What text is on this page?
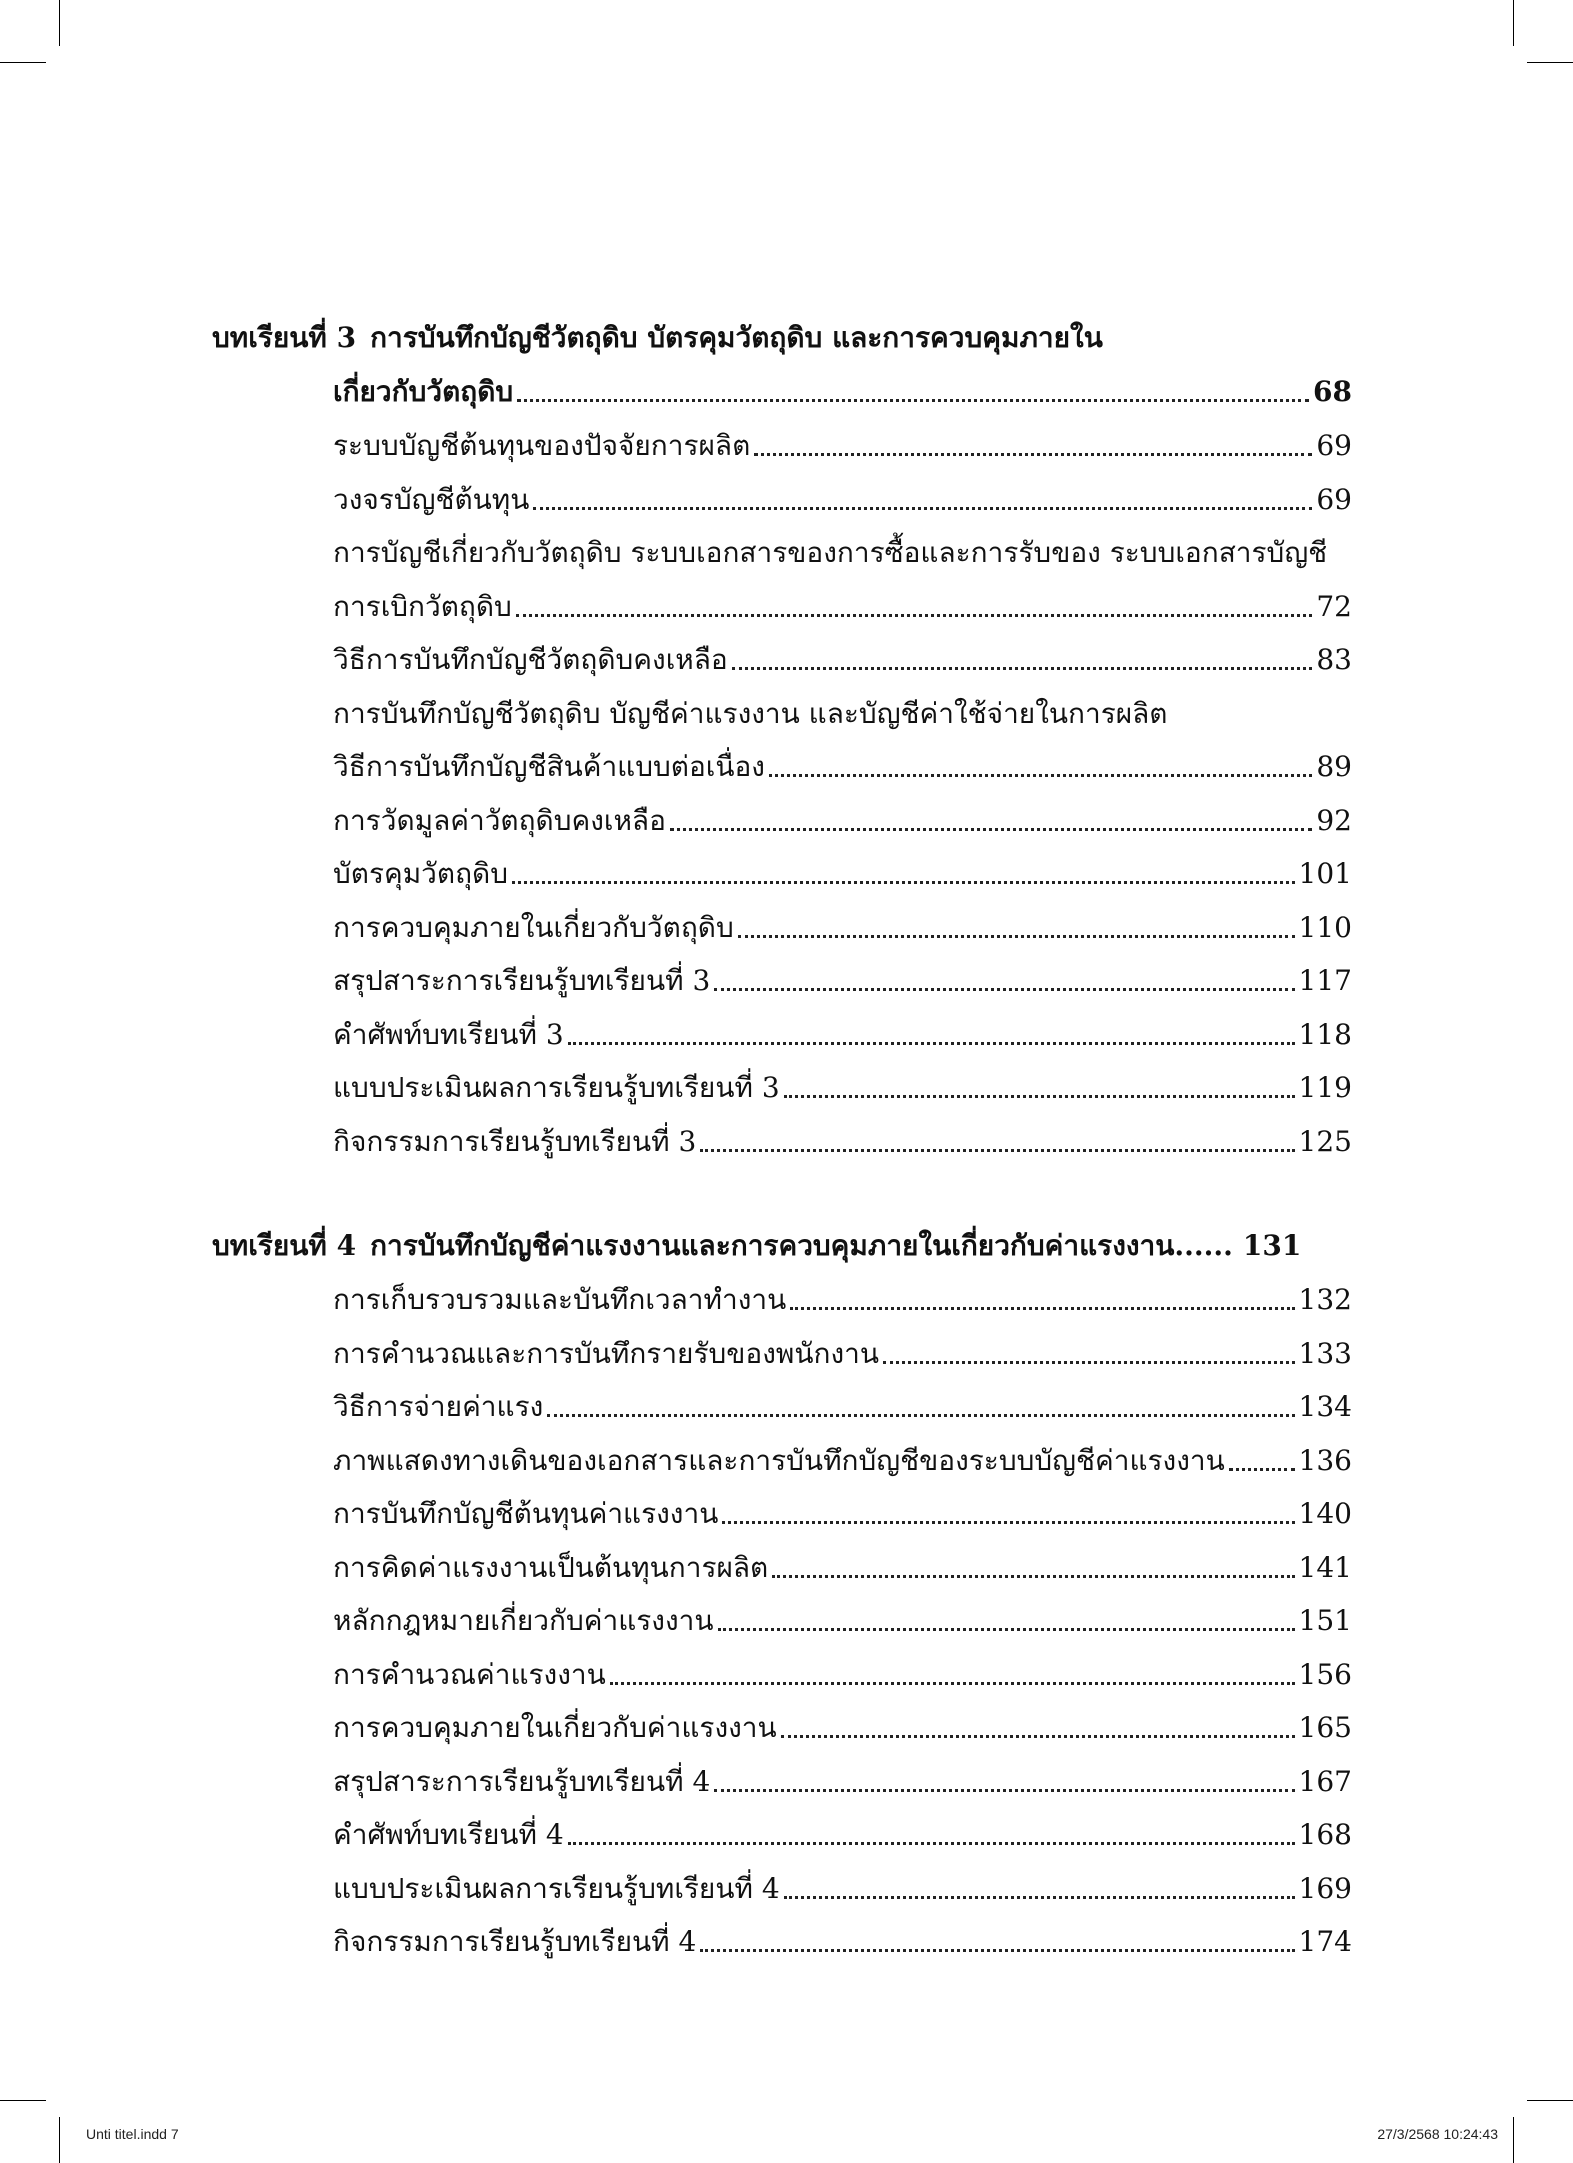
บทเรียนที่ 3 การบันทึกบัญชีวัตถุดิบ บัตรคุมวัตถุดิบ และการควบคุมภายใน
เกี่ยวกับวัตถุดิบ	68
ระบบบัญชีต้นทุนของปัจจัยการผลิต	69
วงจรบัญชีต้นทุน	69
การบัญชีเกี่ยวกับวัตถุดิบ ระบบเอกสารของการซื้อและการรับของ ระบบเอกสารบัญชี
การเบิกวัตถุดิบ	72
วิธีการบันทึกบัญชีวัตถุดิบคงเหลือ	83
การบันทึกบัญชีวัตถุดิบ บัญชีค่าแรงงาน และบัญชีค่าใช้จ่ายในการผลิต
วิธีการบันทึกบัญชีสินค้าแบบต่อเนื่อง	89
การวัดมูลค่าวัตถุดิบคงเหลือ	92
บัตรคุมวัตถุดิบ	101
การควบคุมภายในเกี่ยวกับวัตถุดิบ	110
สรุปสาระการเรียนรู้บทเรียนที่ 3	117
คำศัพท์บทเรียนที่ 3	118
แบบประเมินผลการเรียนรู้บทเรียนที่ 3	119
กิจกรรมการเรียนรู้บทเรียนที่ 3	125
บทเรียนที่ 4 การบันทึกบัญชีค่าแรงงานและการควบคุมภายในเกี่ยวกับค่าแรงงาน...... 131
การเก็บรวบรวมและบันทึกเวลาทำงาน	132
การคำนวณและการบันทึกรายรับของพนักงาน	133
วิธีการจ่ายค่าแรง	134
ภาพแสดงทางเดินของเอกสารและการบันทึกบัญชีของระบบบัญชีค่าแรงงาน	136
การบันทึกบัญชีต้นทุนค่าแรงงาน	140
การคิดค่าแรงงานเป็นต้นทุนการผลิต	141
หลักกฎหมายเกี่ยวกับค่าแรงงาน	151
การคำนวณค่าแรงงาน	156
การควบคุมภายในเกี่ยวกับค่าแรงงาน	165
สรุปสาระการเรียนรู้บทเรียนที่ 4	167
คำศัพท์บทเรียนที่ 4	168
แบบประเมินผลการเรียนรู้บทเรียนที่ 4	169
กิจกรรมการเรียนรู้บทเรียนที่ 4	174
Unti titel.indd 7	27/3/2568 10:24:43
